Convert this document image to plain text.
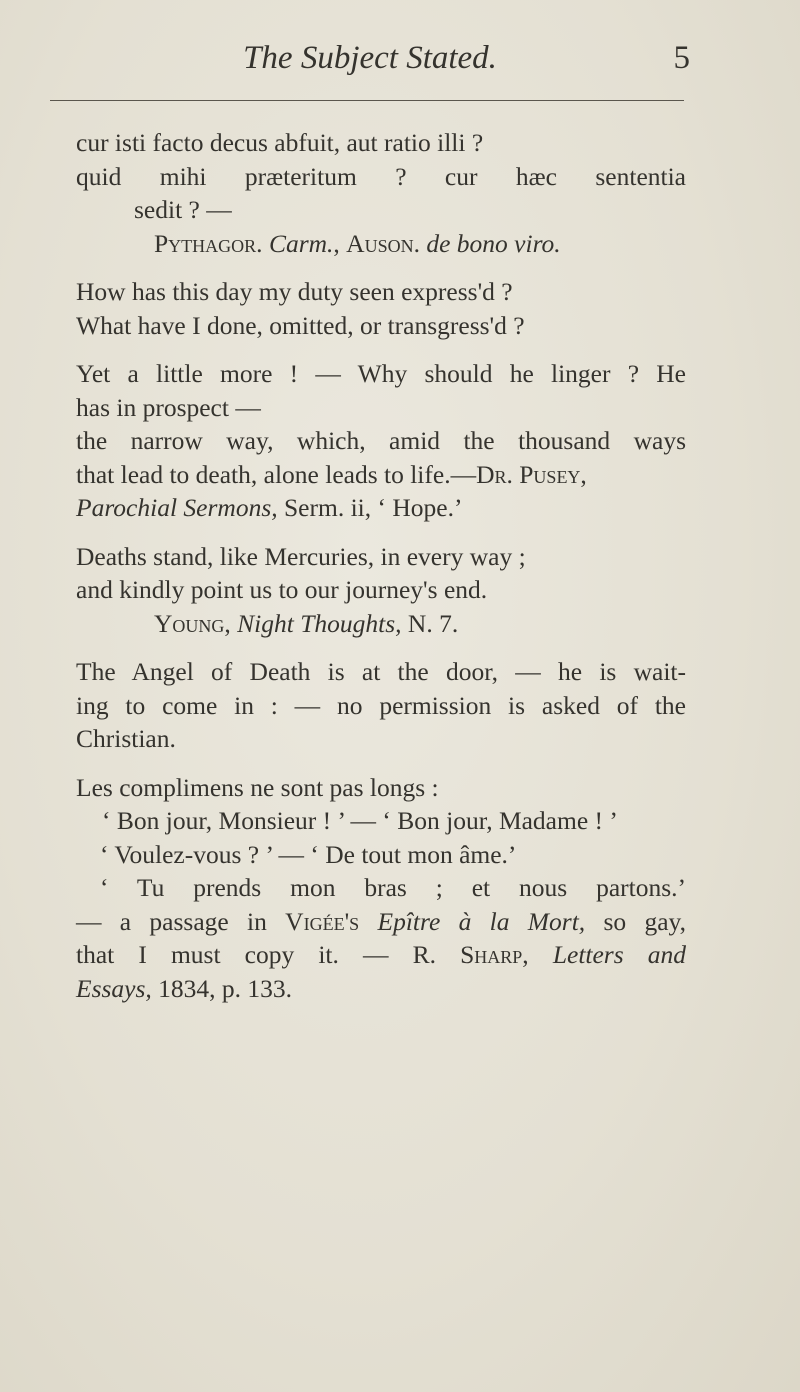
The Subject Stated.	5
cur isti facto decus abfuit, aut ratio illi ?
quid mihi præteritum ? cur hæc sententia
sedit ? —
Pythagor. Carm., Auson. de bono viro.
How has this day my duty seen express'd ?
What have I done, omitted, or transgress'd ?
Yet a little more ! — Why should he linger ? He
has in prospect —
the narrow way, which, amid the thousand ways
that lead to death, alone leads to life.—Dr. Pusey,
Parochial Sermons, Serm. ii, ‘ Hope.’
Deaths stand, like Mercuries, in every way ;
and kindly point us to our journey's end.
Young, Night Thoughts, N. 7.
The Angel of Death is at the door, — he is wait-
ing to come in : — no permission is asked of the
Christian.
Les complimens ne sont pas longs :
‘ Bon jour, Monsieur ! ’ — ‘ Bon jour, Madame ! ’
‘ Voulez-vous ? ’ — ‘ De tout mon âme.’
‘ Tu prends mon bras ; et nous partons.’
— a passage in Vigée's Epître à la Mort, so gay,
that I must copy it. — R. Sharp, Letters and
Essays, 1834, p. 133.
